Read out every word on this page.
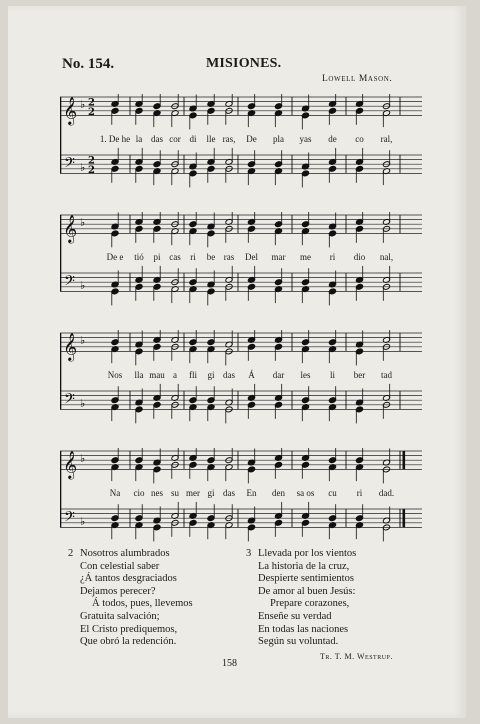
No. 154.	MISIONES.
Lowell Mason.
𝄞
𝄢
♭
♭
2
2
2
2
1. De he la das cor di lle ras, De pla yas de co ral,
𝄞
𝄢
♭
♭
De e tió pi cas ri be ras Del mar me ri dio nal,
𝄞
𝄢
♭
♭
Nos lla mau a fli gi das Á dar les li ber tad
𝄞
𝄢
♭
♭
Na cio nes su mer gi das En den sa os cu ri dad.
2 Nosotros alumbrados
Con celestial saber
¿Á tantos desgraciados
Dejamos perecer?
Á todos, pues, llevemos
Gratuita salvación;
El Cristo prediquemos,
Que obró la redención.
3 Llevada por los vientos
La historia de la cruz,
Despierte sentimientos
De amor al buen Jesús:
Prepare corazones,
Enseñe su verdad
En todas las naciones
Según su voluntad.
Tr. T. M. Westrup.
158
